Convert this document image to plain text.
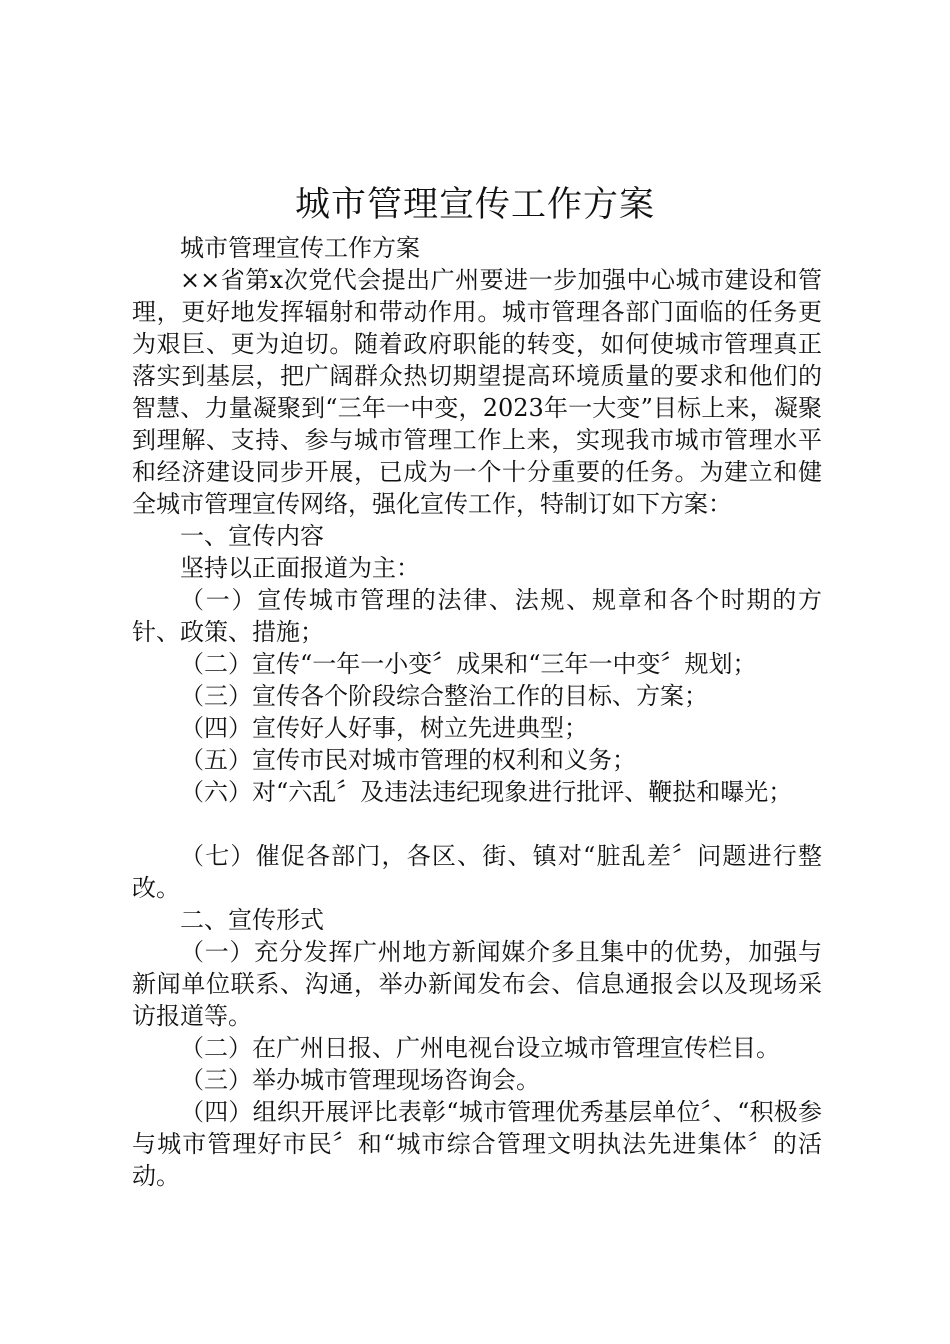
城市管理宣传工作方案

城市管理宣传工作方案

××省第x次党代会提出广州要进一步加强中心城市建设和管理，更好地发挥辐射和带动作用。城市管理各部门面临的任务更为艰巨、更为迫切。随着政府职能的转变，如何使城市管理真正落实到基层，把广阔群众热切期望提高环境质量的要求和他们的智慧、力量凝聚到“三年一中变，2023年一大变”目标上来，凝聚到理解、支持、参与城市管理工作上来，实现我市城市管理水平和经济建设同步开展，已成为一个十分重要的任务。为建立和健全城市管理宣传网络，强化宣传工作，特制订如下方案：

一、宣传内容

坚持以正面报道为主：

（一）宣传城市管理的法律、法规、规章和各个时期的方针、政策、措施；

（二）宣传“一年一小变〞成果和“三年一中变〞规划；

（三）宣传各个阶段综合整治工作的目标、方案；

（四）宣传好人好事，树立先进典型；

（五）宣传市民对城市管理的权利和义务；

（六）对“六乱〞及违法违纪现象进行批评、鞭挞和曝光；

（七）催促各部门，各区、街、镇对“脏乱差〞问题进行整改。

二、宣传形式

（一）充分发挥广州地方新闻媒介多且集中的优势，加强与新闻单位联系、沟通，举办新闻发布会、信息通报会以及现场采访报道等。

（二）在广州日报、广州电视台设立城市管理宣传栏目。

（三）举办城市管理现场咨询会。

（四）组织开展评比表彰“城市管理优秀基层单位〞、“积极参与城市管理好市民〞和“城市综合管理文明执法先进集体〞的活动。
